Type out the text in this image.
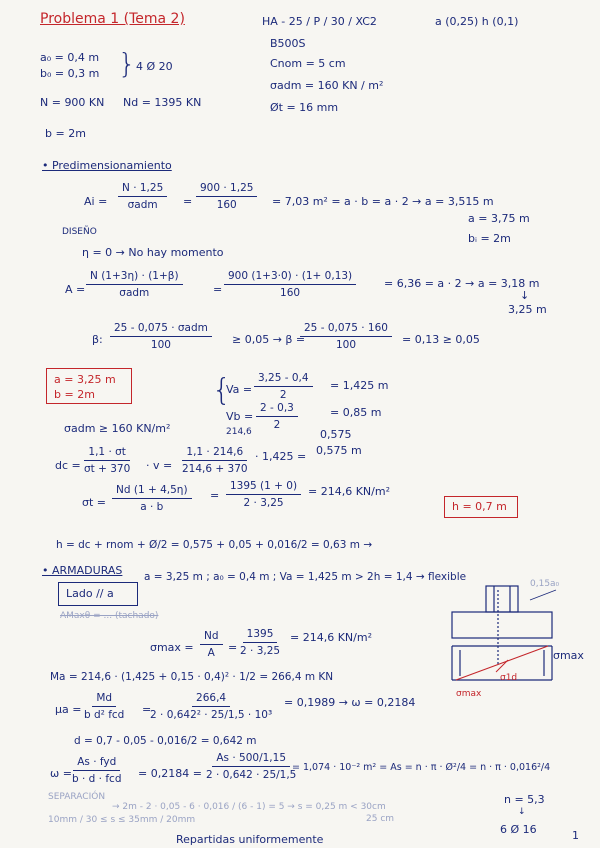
Problema 1 (Tema 2)	HA - 25 / P / 30 / XC2	a (0,25) h (0,1)
B500S
Cnom = 5 cm
σadm = 160 KN / m²
Øt = 16 mm
a₀ = 0,4 m
b₀ = 0,3 m } 4 Ø 20
N = 900 KN Nd = 1395 KN
b = 2m
• Predimensionamiento
Ai =
N · 1,25
$\sigma adm = \frac{900 \cdot 1,25}{160} = 7,03$ m² = a · b = a · 2 → a = 3,515 m
a = 3,75 m
bᵢ = 2m
DISEÑO
η = 0 → No hay momento
A =
N (1+3η) · (1+β)
σadm	= $\frac{900 (1+3\cdot 0) \cdot (1+ 0,13)}{160}$	= 6,36 = a · 2 → a = 3,18 m
↓
3,25 m
β:
25 - 0,075 · σadm
100	≥ 0,05 → β =
$\frac{25 - 0,075 \cdot 160}{100} = 0,13 \ge 0,05$
a = 3,25 m
b = 2m	{
$Va = \frac{3,25 - 0,4}{2} = 1,425$ m
$Vb = \frac{2 - 0,3}{2}$	= 0,85 m
0,575
σadm ≥ 160 KN/m²	214,6
dc = $\frac{1,1 \cdot \sigma t}{\sigma t + 370} \cdot v = \frac{1,1 \cdot 214,6}{214,6 + 370} \cdot 1,425 = 0,575$ m
$\sigma t = \frac{Nd (1 + 4,5\eta)}{a \cdot b} = \frac{1395 (1 + 0)}{2 \cdot 3,25} = 214,6$ KN/m²
h = dc + rnom + Ø/2 = 0,575 + 0,05 + 0,016/2 = 0,63 m →
h = 0,7 m
• ARMADURAS
Lado // a
a = 3,25 m ; a₀ = 0,4 m ; Va = 1,425 m > 2h = 1,4 → flexible
AMaxθ = ... (tachado)
$\sigma\max = \frac{Nd}{A} = \frac{1395}{2 \cdot 3,25} = 214,6$ KN/m²
Ma = 214,6 · (1,425 + 0,15 · 0,4)² · 1/2 = 266,4 m KN
μa =
Md
b d² fcd =
$\frac{266,4}{\text{2 · 0,642² · 25/1,5 · 10³}} = 0,1989 \to \omega = 0,2184$
d = 0,7 - 0,05 - 0,016/2 = 0,642 m
ω =
As · fyd
b · d · fcd = $0,2184 = \frac{As \cdot 500/1,15}{2 \cdot 0,642 \cdot 25/1,5}$
= 1,074 · 10⁻² m² = As = n · π · Ø²/4 = n · π · 0,016²/4
n = 5,3
↓
6 Ø 16
SEPARACIÓN
→ 2m - 2 · 0,05 - 6 · 0,016 / (6 - 1) = 5 → s = 0,25 m < 30cm
25 cm
10mm / 30 ≤ s ≤ 35mm / 20mm
Repartidas uniformemente	1
0,15a₀
σmax
σmax
σ1d
